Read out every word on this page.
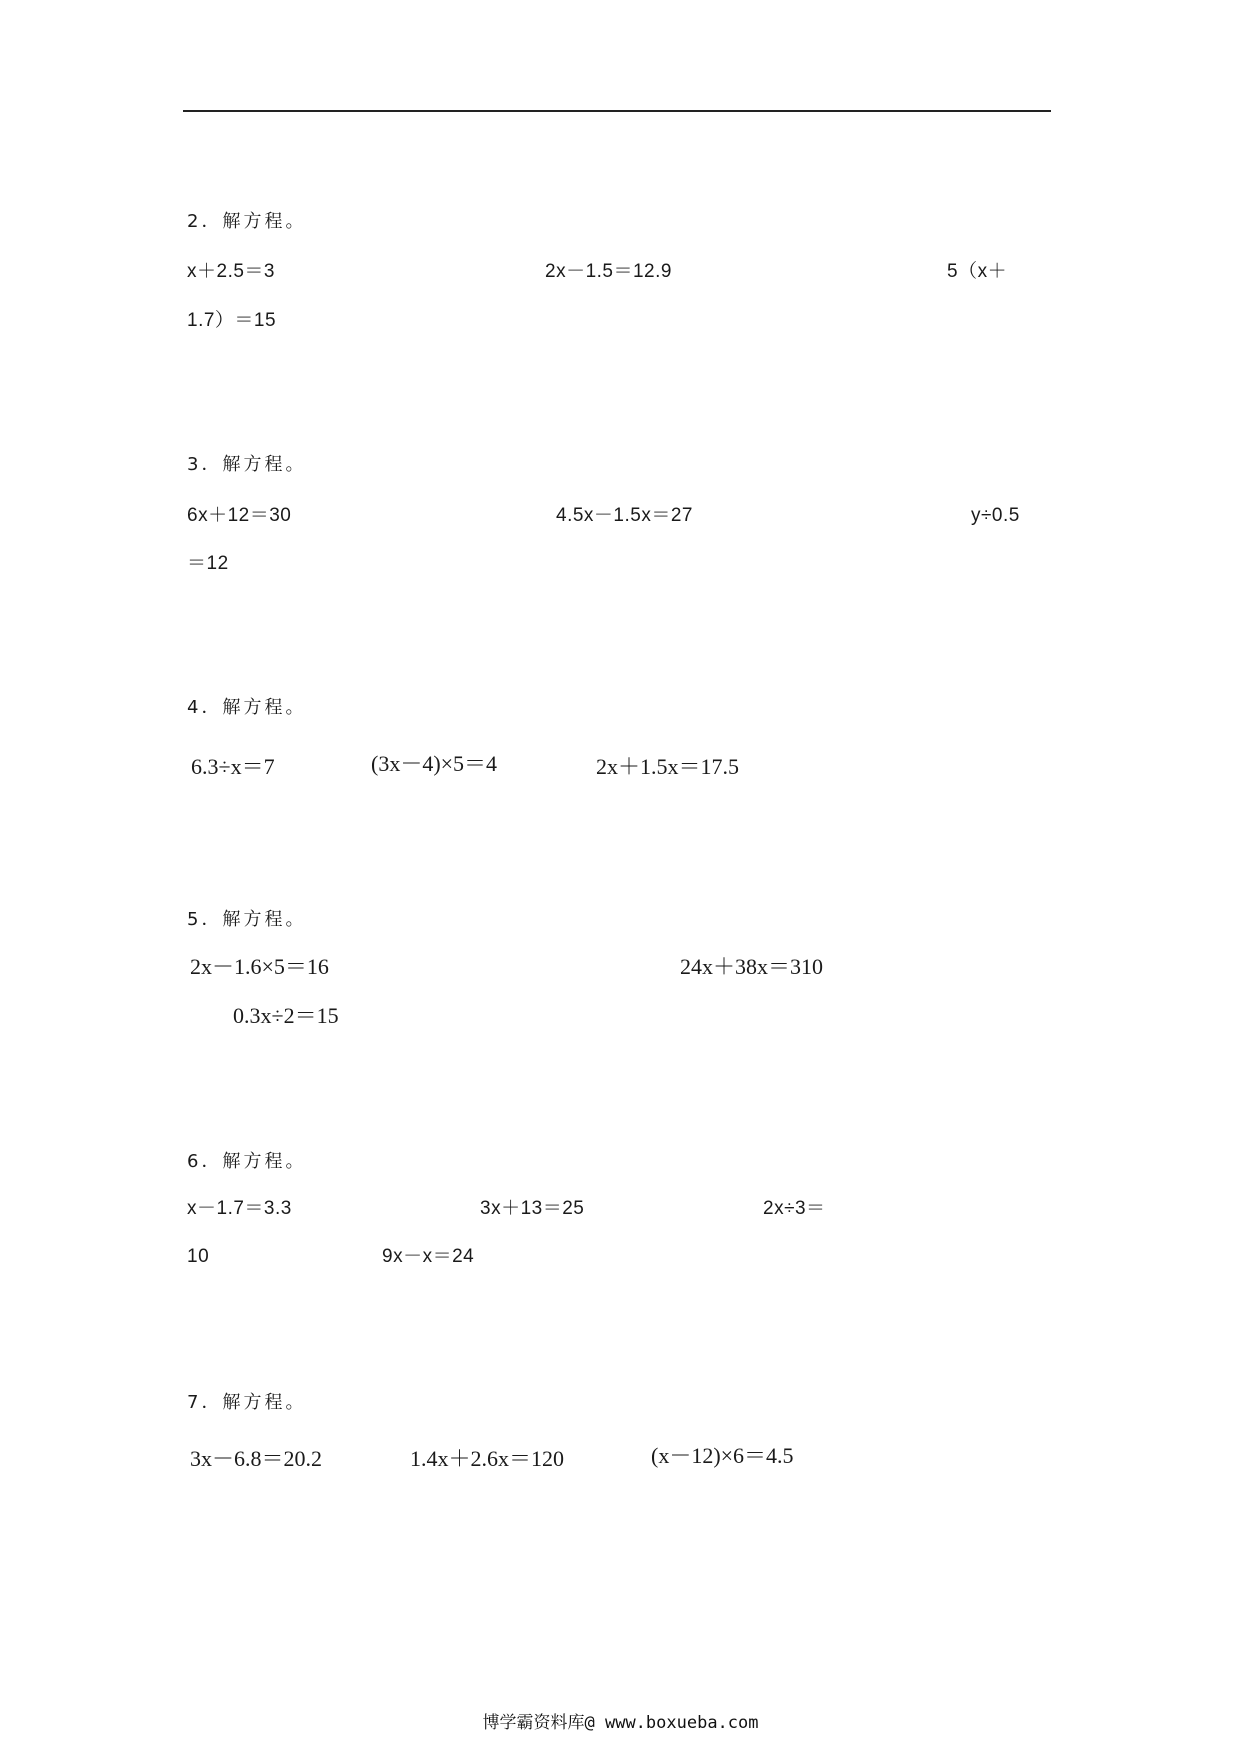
2．解方程。
x＋2.5＝3	2x－1.5＝12.9	5（x＋
1.7）＝15
3．解方程。
6x＋12＝30	4.5x－1.5x＝27	y÷0.5
＝12
4．解方程。
6.3÷x＝7	(3x－4)×5＝4	2x＋1.5x＝17.5
5．解方程。
2x－1.6×5＝16	24x＋38x＝310
0.3x÷2＝15
6．解方程。
x－1.7＝3.3	3x＋13＝25	2x÷3＝
10	9x－x＝24
7．解方程。
3x－6.8＝20.2	1.4x＋2.6x＝120	(x－12)×6＝4.5
博学霸资料库@ www.boxueba.com
